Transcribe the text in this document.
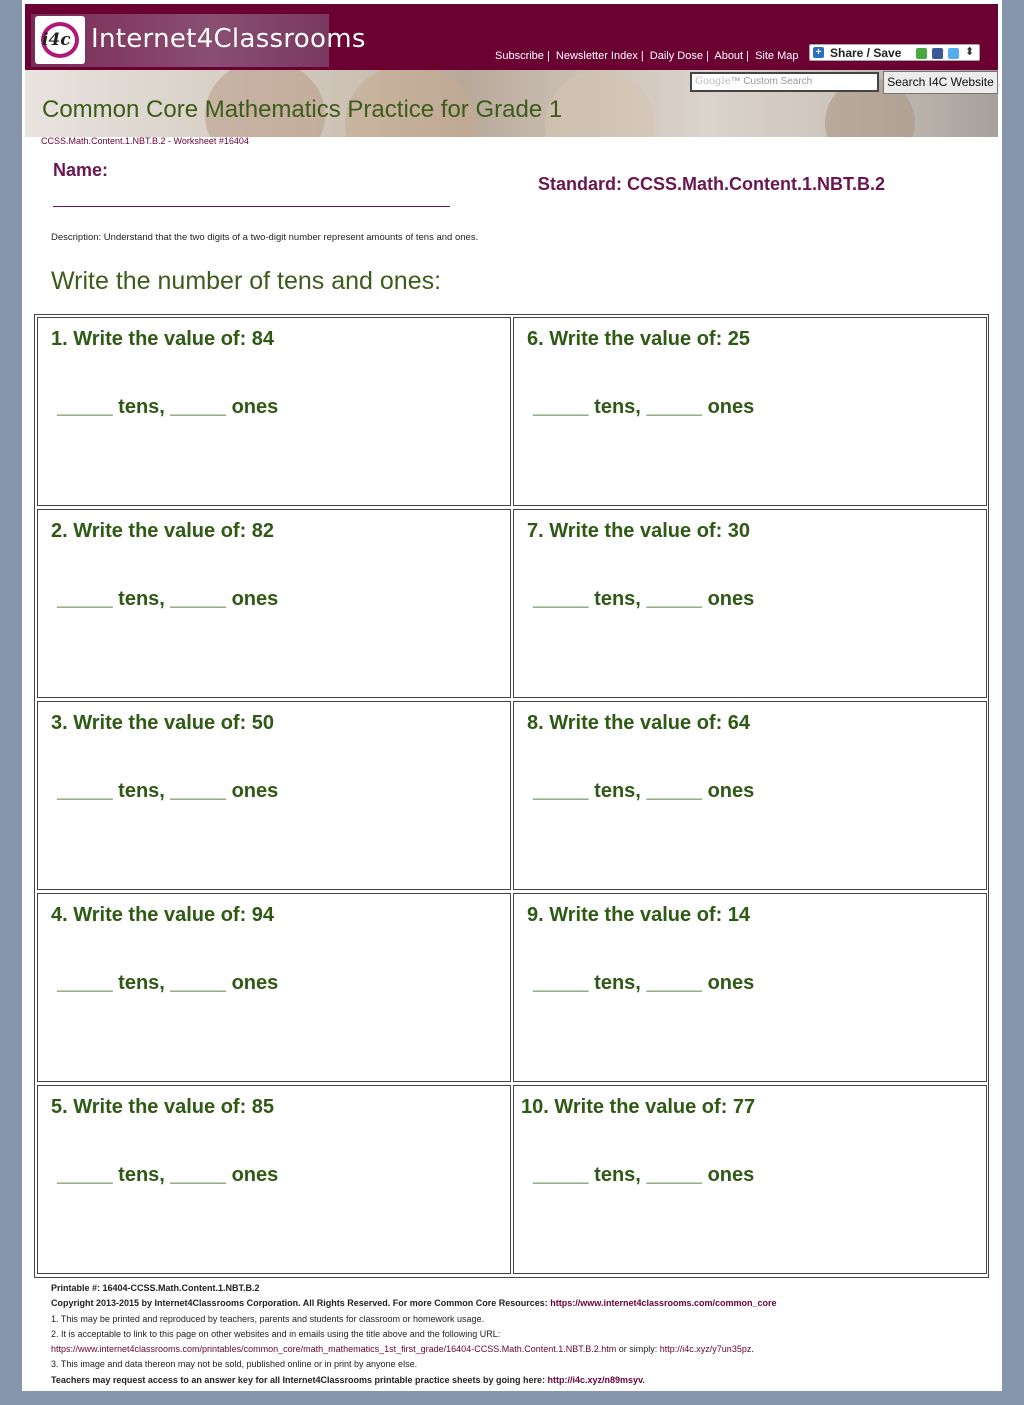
i4c Internet4Classrooms
Subscribe | Newsletter Index | Daily Dose | About | Site Map	+ Share / Save	⬍
Common Core Mathematics Practice for Grade 1
Google™ Custom Search	Search I4C Website
CCSS.Math.Content.1.NBT.B.2 - Worksheet #16404
Name:
Standard: CCSS.Math.Content.1.NBT.B.2
Description: Understand that the two digits of a two-digit number represent amounts of tens and ones.
Write the number of tens and ones:
1. Write the value of: 84
_____ tens, _____ ones
2. Write the value of: 82
_____ tens, _____ ones
3. Write the value of: 50
_____ tens, _____ ones
4. Write the value of: 94
_____ tens, _____ ones
5. Write the value of: 85
_____ tens, _____ ones
6. Write the value of: 25
_____ tens, _____ ones
7. Write the value of: 30
_____ tens, _____ ones
8. Write the value of: 64
_____ tens, _____ ones
9. Write the value of: 14
_____ tens, _____ ones
10. Write the value of: 77
_____ tens, _____ ones
Printable #: 16404-CCSS.Math.Content.1.NBT.B.2
Copyright 2013-2015 by Internet4Classrooms Corporation. All Rights Reserved. For more Common Core Resources: https://www.internet4classrooms.com/common_core
1. This may be printed and reproduced by teachers, parents and students for classroom or homework usage.
2. It is acceptable to link to this page on other websites and in emails using the title above and the following URL:
https://www.internet4classrooms.com/printables/common_core/math_mathematics_1st_first_grade/16404-CCSS.Math.Content.1.NBT.B.2.htm or simply: http://i4c.xyz/y7un35pz.
3. This image and data thereon may not be sold, published online or in print by anyone else.
Teachers may request access to an answer key for all Internet4Classrooms printable practice sheets by going here: http://i4c.xyz/n89msyv.
